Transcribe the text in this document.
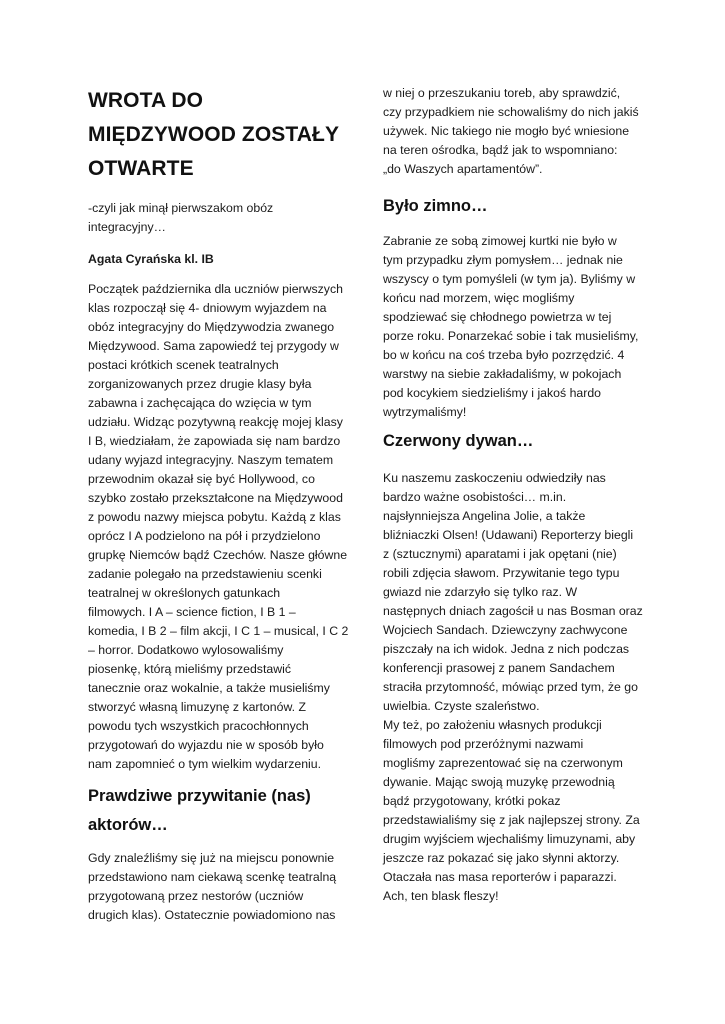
WROTA DO
MIĘDZYWOOD ZOSTAŁY
OTWARTE

-czyli jak minął pierwszakom obóz
integracyjny…

Agata Cyrańska kl. IB

Początek października dla uczniów pierwszych
klas rozpoczął się 4- dniowym wyjazdem na
obóz integracyjny do Międzywodzia zwanego
Międzywood. Sama zapowiedź tej przygody w
postaci krótkich scenek teatralnych
zorganizowanych przez drugie klasy była
zabawna i zachęcająca do wzięcia w tym
udziału. Widząc pozytywną reakcję mojej klasy
I B, wiedziałam, że zapowiada się nam bardzo
udany wyjazd integracyjny. Naszym tematem
przewodnim okazał się być Hollywood, co
szybko zostało przekształcone na Międzywood
z powodu nazwy miejsca pobytu. Każdą z klas
oprócz I A podzielono na pół i przydzielono
grupkę Niemców bądź Czechów. Nasze główne
zadanie polegało na przedstawieniu scenki
teatralnej w określonych gatunkach
filmowych. I A – science fiction, I B 1 –
komedia, I B 2 – film akcji, I C 1 – musical, I C 2
– horror. Dodatkowo wylosowaliśmy
piosenkę, którą mieliśmy przedstawić
tanecznie oraz wokalnie, a także musieliśmy
stworzyć własną limuzynę z kartonów. Z
powodu tych wszystkich pracochłonnych
przygotowań do wyjazdu nie w sposób było
nam zapomnieć o tym wielkim wydarzeniu.

Prawdziwe przywitanie (nas)
aktorów…

Gdy znaleźliśmy się już na miejscu ponownie
przedstawiono nam ciekawą scenkę teatralną
przygotowaną przez nestorów (uczniów
drugich klas). Ostatecznie powiadomiono nas

w niej o przeszukaniu toreb, aby sprawdzić,
czy przypadkiem nie schowaliśmy do nich jakiś
używek. Nic takiego nie mogło być wniesione
na teren ośrodka, bądź jak to wspomniano:
„do Waszych apartamentów”.

Było zimno…

Zabranie ze sobą zimowej kurtki nie było w
tym przypadku złym pomysłem… jednak nie
wszyscy o tym pomyśleli (w tym ja). Byliśmy w
końcu nad morzem, więc mogliśmy
spodziewać się chłodnego powietrza w tej
porze roku. Ponarzekać sobie i tak musieliśmy,
bo w końcu na coś trzeba było pozrzędzić. 4
warstwy na siebie zakładaliśmy, w pokojach
pod kocykiem siedzieliśmy i jakoś hardo
wytrzymaliśmy!

Czerwony dywan…

Ku naszemu zaskoczeniu odwiedziły nas
bardzo ważne osobistości… m.in.
najsłynniejsza Angelina Jolie, a także
bliźniaczki Olsen! (Udawani) Reporterzy biegli
z (sztucznymi) aparatami i jak opętani (nie)
robili zdjęcia sławom. Przywitanie tego typu
gwiazd nie zdarzyło się tylko raz. W
następnych dniach zagościł u nas Bosman oraz
Wojciech Sandach. Dziewczyny zachwycone
piszczały na ich widok. Jedna z nich podczas
konferencji prasowej z panem Sandachem
straciła przytomność, mówiąc przed tym, że go
uwielbia. Czyste szaleństwo.
My też, po założeniu własnych produkcji
filmowych pod przeróżnymi nazwami
mogliśmy zaprezentować się na czerwonym
dywanie. Mając swoją muzykę przewodnią
bądź przygotowany, krótki pokaz
przedstawialiśmy się z jak najlepszej strony. Za
drugim wyjściem wjechaliśmy limuzynami, aby
jeszcze raz pokazać się jako słynni aktorzy.
Otaczała nas masa reporterów i paparazzi.
Ach, ten blask fleszy!
